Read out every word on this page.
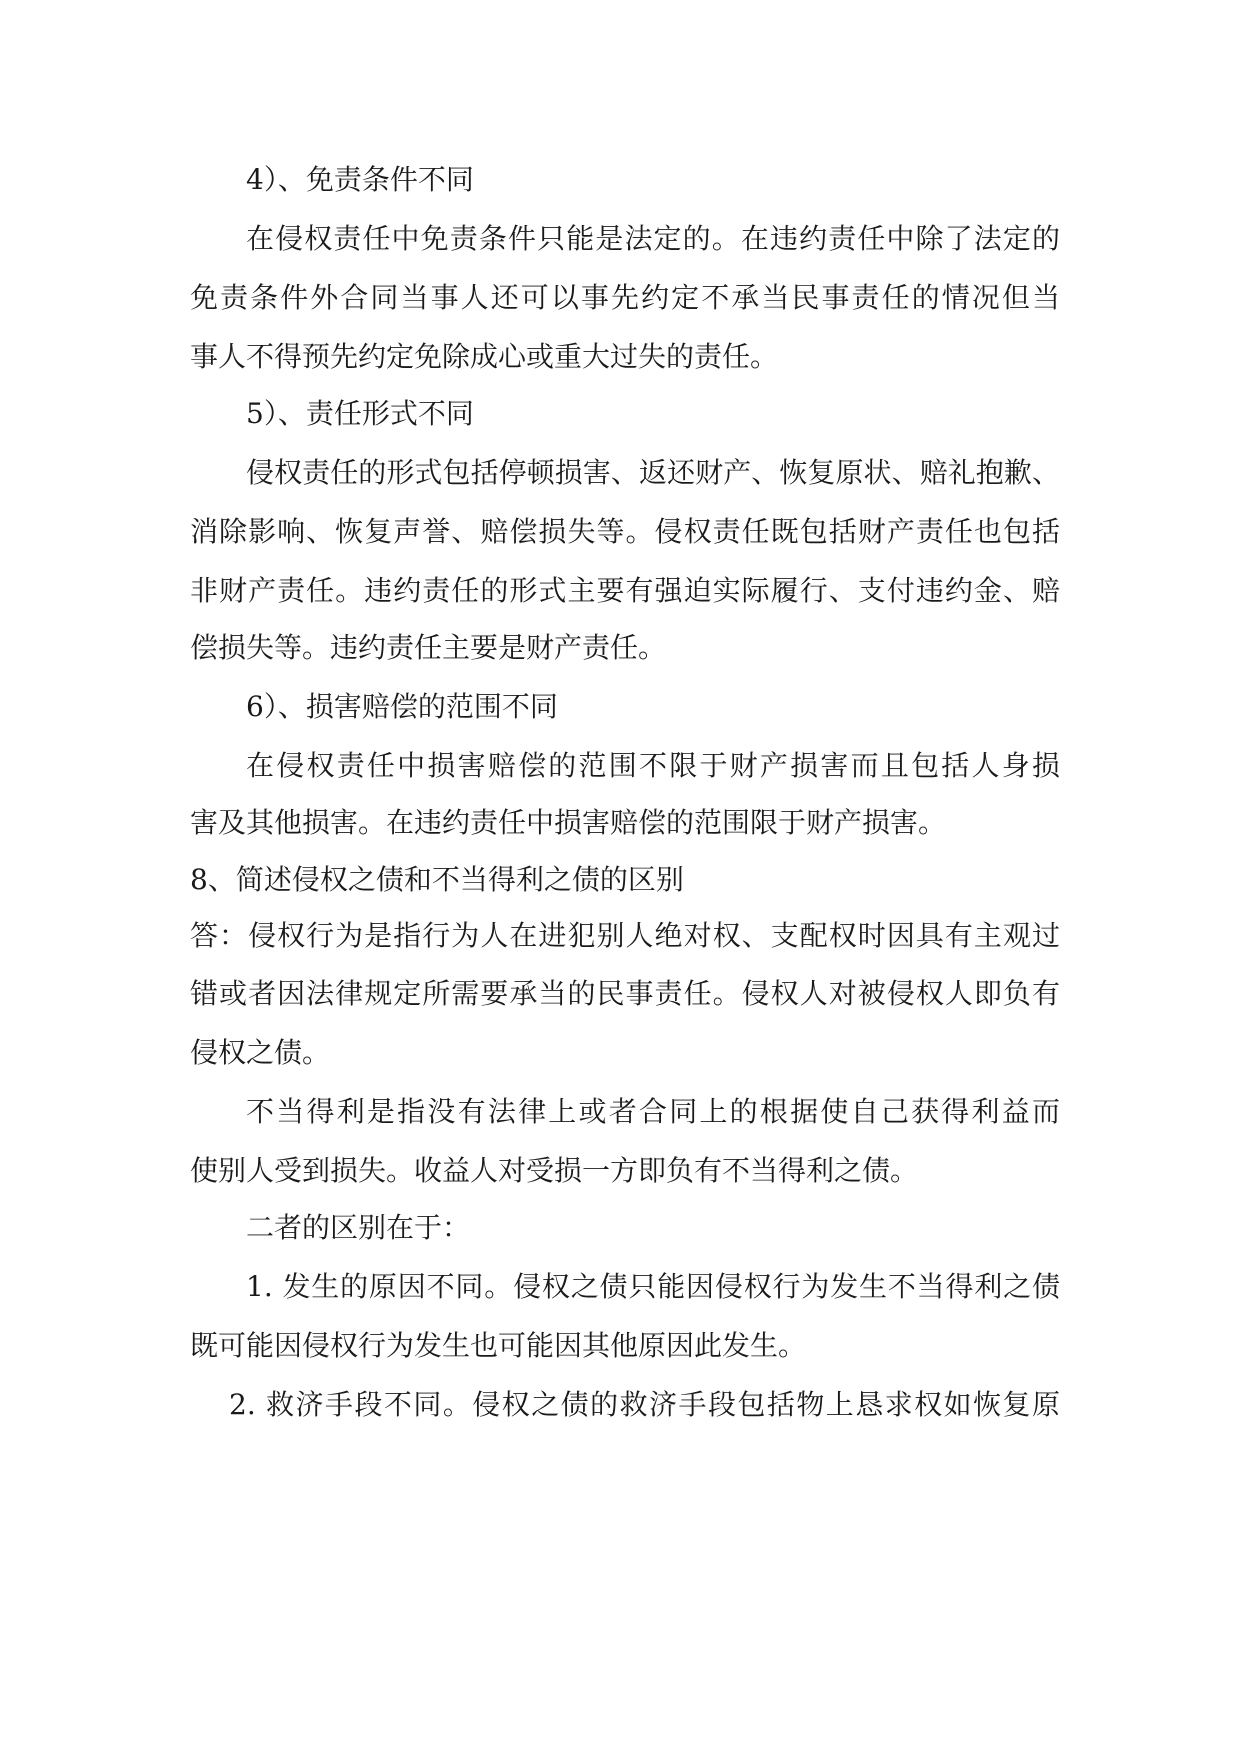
4）、免责条件不同
在侵权责任中免责条件只能是法定的。在违约责任中除了法定的
免责条件外合同当事人还可以事先约定不承当民事责任的情况但当
事人不得预先约定免除成心或重大过失的责任。
5）、责任形式不同
侵权责任的形式包括停顿损害、返还财产、恢复原状、赔礼抱歉、
消除影响、恢复声誉、赔偿损失等。侵权责任既包括财产责任也包括
非财产责任。违约责任的形式主要有强迫实际履行、支付违约金、赔
偿损失等。违约责任主要是财产责任。
6）、损害赔偿的范围不同
在侵权责任中损害赔偿的范围不限于财产损害而且包括人身损
害及其他损害。在违约责任中损害赔偿的范围限于财产损害。
8、简述侵权之债和不当得利之债的区别
答：侵权行为是指行为人在进犯别人绝对权、支配权时因具有主观过
错或者因法律规定所需要承当的民事责任。侵权人对被侵权人即负有
侵权之债。
不当得利是指没有法律上或者合同上的根据使自己获得利益而
使别人受到损失。收益人对受损一方即负有不当得利之债。
二者的区别在于：
1. 发生的原因不同。侵权之债只能因侵权行为发生不当得利之债
既可能因侵权行为发生也可能因其他原因此发生。
2. 救济手段不同。侵权之债的救济手段包括物上恳求权如恢复原
